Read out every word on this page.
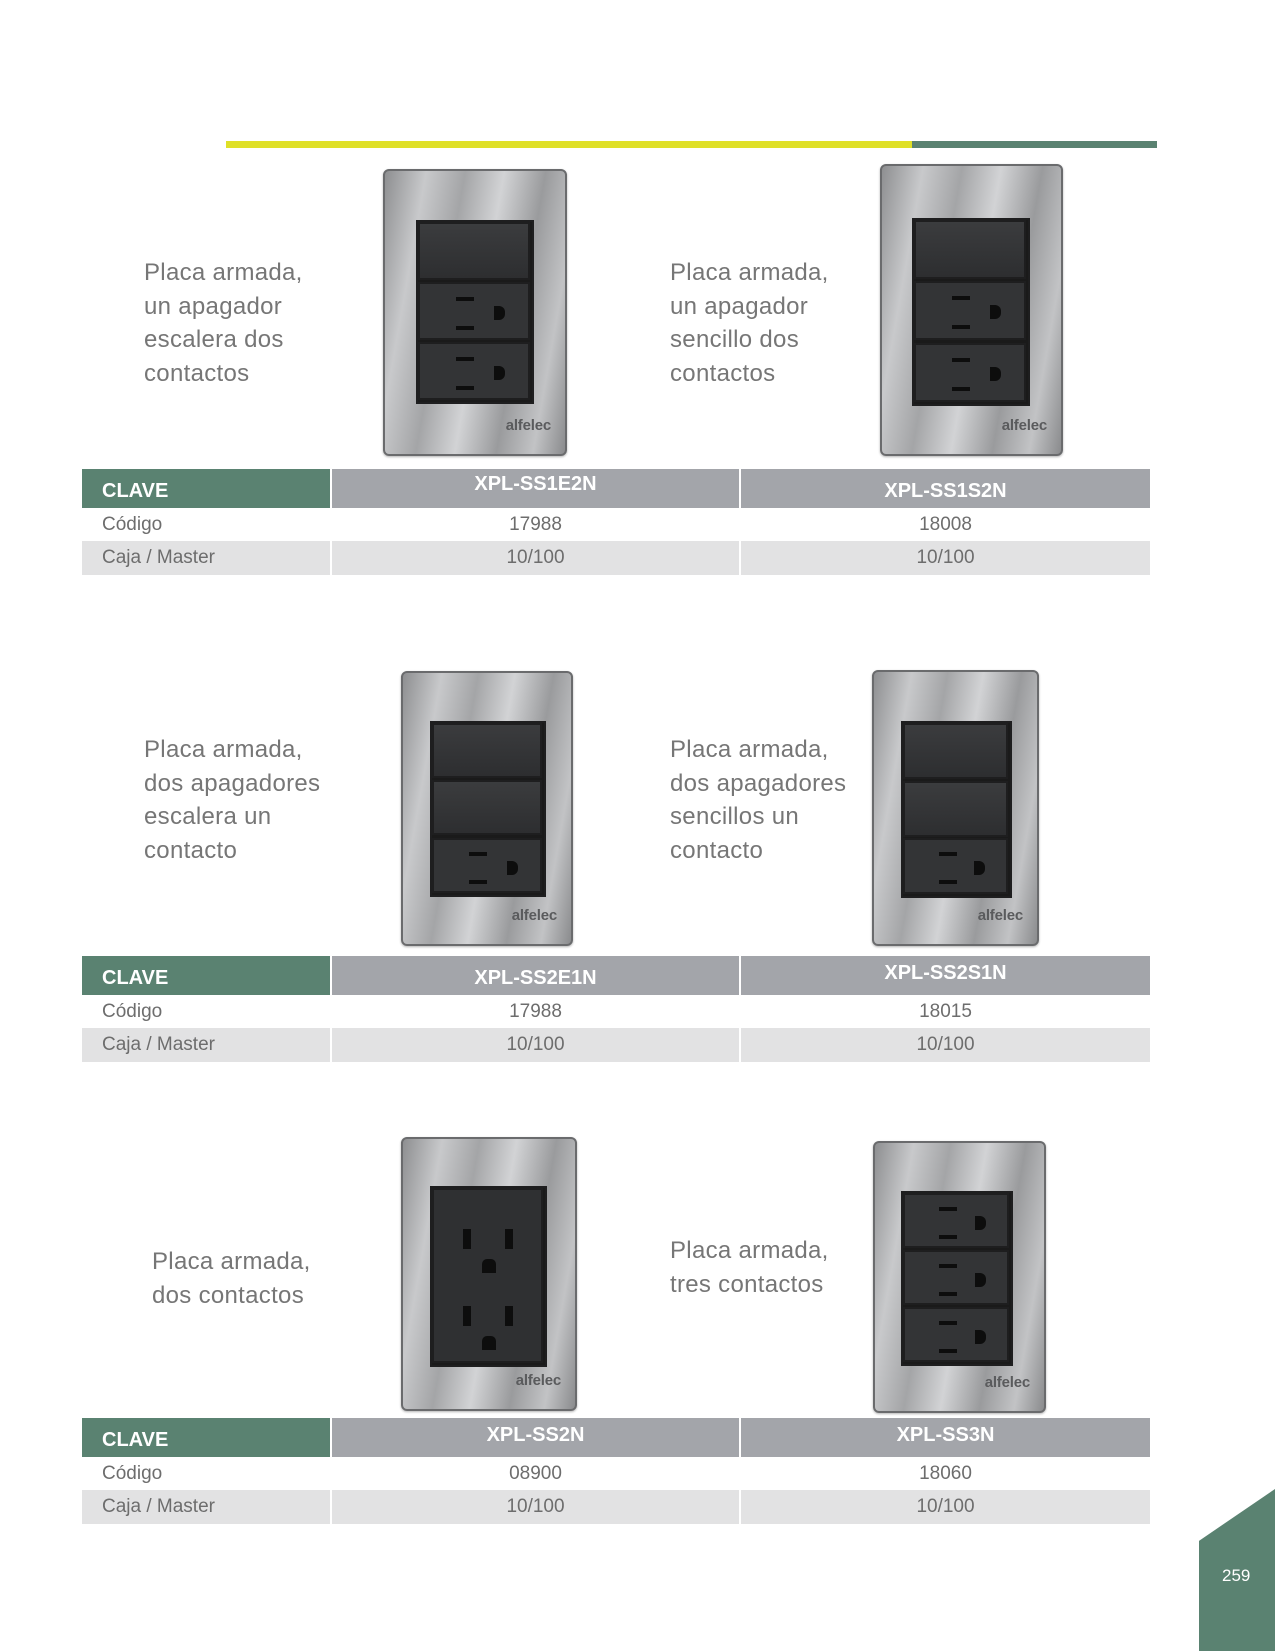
Placa armada,
un apagador
escalera dos
contactos
alfelec
Placa armada,
un apagador
sencillo dos
contactos
alfelec
CLAVE	XPL-SS1E2N	XPL-SS1S2N
Código	17988	18008
Caja / Master	10/100	10/100
Placa armada,
dos apagadores
escalera un
contacto
alfelec
Placa armada,
dos apagadores
sencillos un
contacto
alfelec
CLAVE	XPL-SS2E1N	XPL-SS2S1N
Código	17988	18015
Caja / Master	10/100	10/100
Placa armada,
dos contactos
alfelec
Placa armada,
tres contactos
alfelec
CLAVE	XPL-SS2N	XPL-SS3N
Código	08900	18060
Caja / Master	10/100	10/100
259
